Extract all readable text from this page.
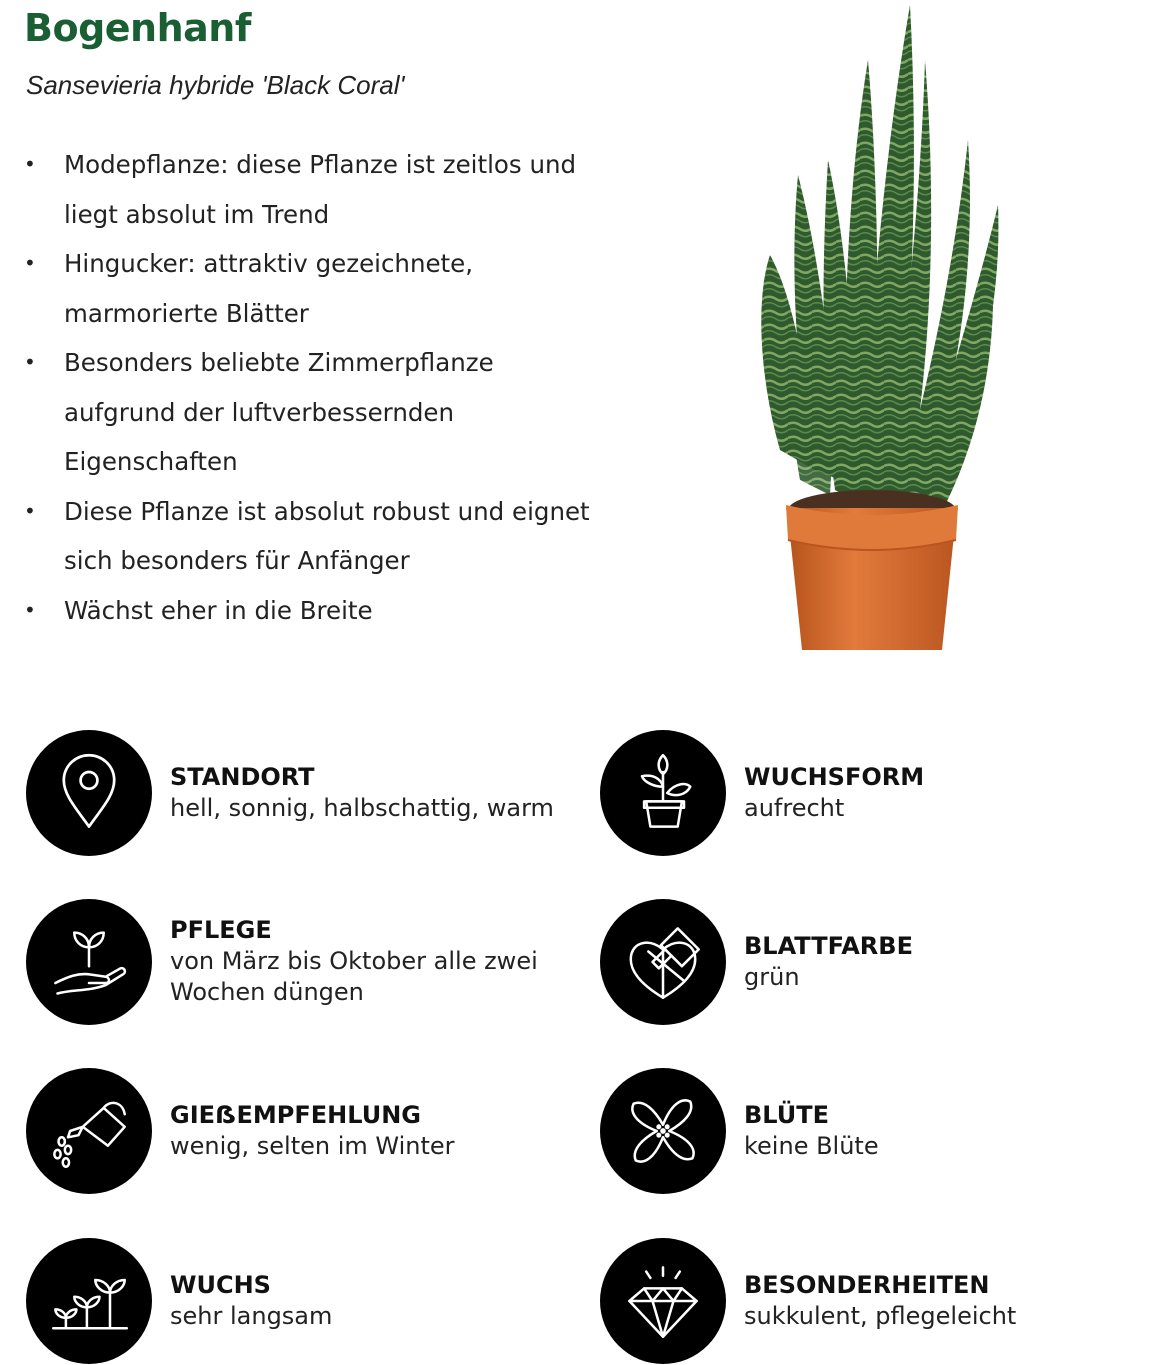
Bogenhanf

Sansevieria hybride 'Black Coral'

• Modepflanze: diese Pflanze ist zeitlos und
liegt absolut im Trend
• Hingucker: attraktiv gezeichnete,
marmorierte Blätter
• Besonders beliebte Zimmerpflanze
aufgrund der luftverbessernden
Eigenschaften
• Diese Pflanze ist absolut robust und eignet
sich besonders für Anfänger
• Wächst eher in die Breite
STANDORT
hell, sonnig, halbschattig, warm
PFLEGE
von März bis Oktober alle zwei
Wochen düngen
GIEẞEMPFEHLUNG
wenig, selten im Winter
WUCHS
sehr langsam
WUCHSFORM
aufrecht
BLATTFARBE
grün
BLÜTE
keine Blüte
BESONDERHEITEN
sukkulent, pflegeleicht
